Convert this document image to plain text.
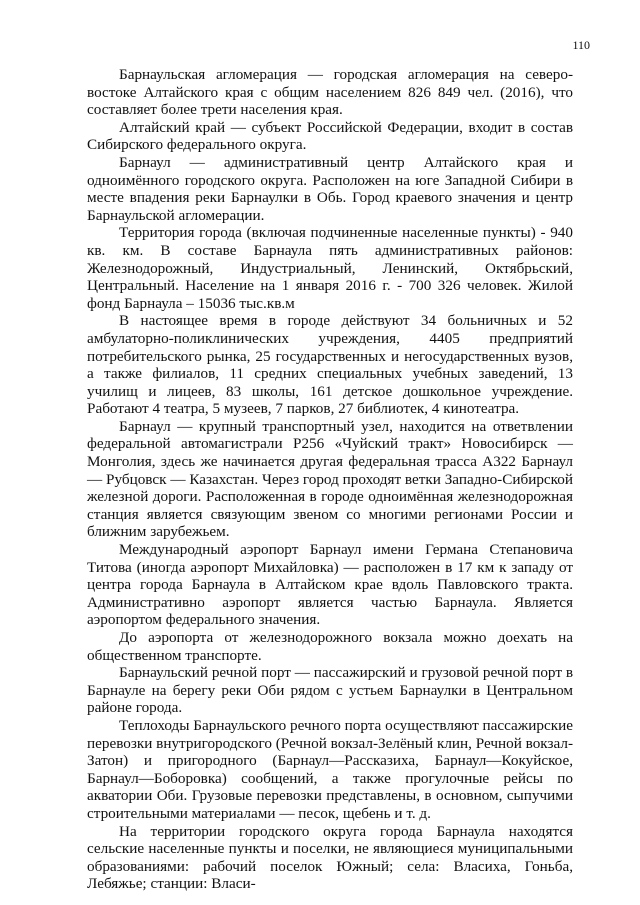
110

Барнаульская агломерация — городская агломерация на северо-востоке Алтайского края с общим населением 826 849 чел. (2016), что составляет более трети населения края.

Алтайский край — субъект Российской Федерации, входит в состав Сибирского федерального округа.

Барнаул — административный центр Алтайского края и одноимённого городского округа. Расположен на юге Западной Сибири в месте впадения реки Барнаулки в Обь. Город краевого значения и центр Барнаульской агломерации.

Территория города (включая подчиненные населенные пункты) - 940 кв. км. В составе Барнаула пять административных районов: Железнодорожный, Индустриальный, Ленинский, Октябрьский, Центральный. Население на 1 января 2016 г. - 700 326 человек. Жилой фонд Барнаула – 15036 тыс.кв.м

В настоящее время в городе действуют 34 больничных и 52 амбулаторно-поликлинических учреждения, 4405 предприятий потребительского рынка, 25 государственных и негосударственных вузов, а также филиалов, 11 средних специальных учебных заведений, 13 училищ и лицеев, 83 школы, 161 детское дошкольное учреждение. Работают 4 театра, 5 музеев, 7 парков, 27 библиотек, 4 кинотеатра.

Барнаул — крупный транспортный узел, находится на ответвлении федеральной автомагистрали Р256 «Чуйский тракт» Новосибирск —Монголия, здесь же начинается другая федеральная трасса А322 Барнаул — Рубцовск — Казахстан. Через город проходят ветки Западно-Сибирской железной дороги. Расположенная в городе одноимённая железнодорожная станция является связующим звеном со многими регионами России и ближним зарубежьем.

Международный аэропорт Барнаул имени Германа Степановича Титова (иногда аэропорт Михайловка) — расположен в 17 км к западу от центра города Барнаула в Алтайском крае вдоль Павловского тракта. Административно аэропорт является частью Барнаула. Является аэропортом федерального значения.

До аэропорта от железнодорожного вокзала можно доехать на общественном транспорте.

Барнаульский речной порт — пассажирский и грузовой речной порт в Барнауле на берегу реки Оби рядом с устьем Барнаулки в Центральном районе города.

Теплоходы Барнаульского речного порта осуществляют пассажирские перевозки внутригородского (Речной вокзал-Зелёный клин, Речной вокзал-Затон) и пригородного (Барнаул—Рассказиха, Барнаул—Кокуйское, Барнаул—Боборовка) сообщений, а также прогулочные рейсы по акватории Оби. Грузовые перевозки представлены, в основном, сыпучими строительными материалами — песок, щебень и т. д.

На территории городского округа города Барнаула находятся сельские населенные пункты и поселки, не являющиеся муниципальными образованиями: рабочий поселок Южный; села: Власиха, Гоньба, Лебяжье; станции: Власи-
